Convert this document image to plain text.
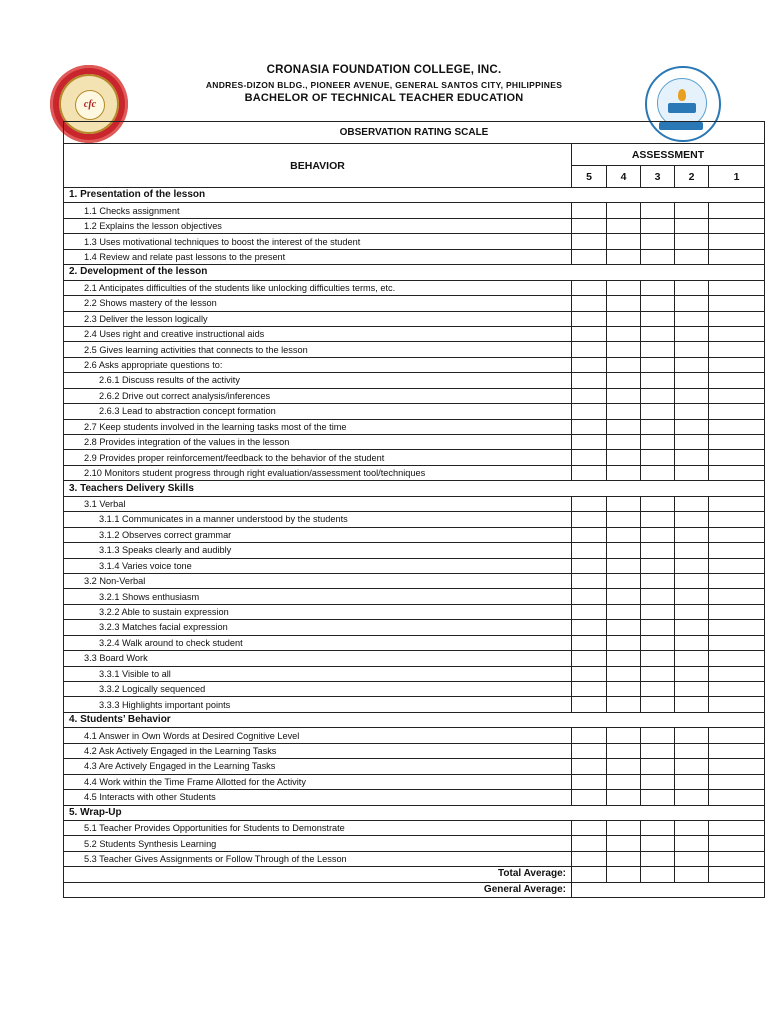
cfc
CRONASIA FOUNDATION COLLEGE, INC.
ANDRES-DIZON BLDG., PIONEER AVENUE, GENERAL SANTOS CITY, PHILIPPINES
BACHELOR OF TECHNICAL TEACHER EDUCATION
OBSERVATION RATING SCALE					
BEHAVIOR	ASSESSMENT				
	5	4	3	2	1
1. Presentation of the lesson					
1.1 Checks assignment					
1.2 Explains the lesson objectives					
1.3 Uses motivational techniques to boost the interest of the student					
1.4 Review and relate past lessons to the present					
2. Development of the lesson					
2.1 Anticipates difficulties of the students like unlocking difficulties terms, etc.					
2.2 Shows mastery of the lesson					
2.3 Deliver the lesson logically					
2.4 Uses right and creative instructional aids					
2.5 Gives learning activities that connects to the lesson					
2.6 Asks appropriate questions to:					
2.6.1 Discuss results of the activity					
2.6.2 Drive out correct analysis/inferences					
2.6.3 Lead to abstraction concept formation					
2.7 Keep students involved in the learning tasks most of the time					
2.8 Provides integration of the values in the lesson					
2.9 Provides proper reinforcement/feedback to the behavior of the student					
2.10 Monitors student progress through right evaluation/assessment tool/techniques					
3. Teachers Delivery Skills					
3.1 Verbal					
3.1.1 Communicates in a manner understood by the students					
3.1.2 Observes correct grammar					
3.1.3 Speaks clearly and audibly					
3.1.4 Varies voice tone					
3.2 Non-Verbal					
3.2.1 Shows enthusiasm					
3.2.2 Able to sustain expression					
3.2.3 Matches facial expression					
3.2.4 Walk around to check student					
3.3 Board Work					
3.3.1 Visible to all					
3.3.2 Logically sequenced					
3.3.3 Highlights important points					
4. Students’ Behavior					
4.1 Answer in Own Words at Desired Cognitive Level					
4.2 Ask Actively Engaged in the Learning Tasks					
4.3 Are Actively Engaged in the Learning Tasks					
4.4 Work within the Time Frame Allotted for the Activity					
4.5 Interacts with other Students					
5. Wrap-Up					
5.1 Teacher Provides Opportunities for Students to Demonstrate					
5.2 Students Synthesis Learning					
5.3 Teacher Gives Assignments or Follow Through of the Lesson					
Total Average:					
General Average:					
